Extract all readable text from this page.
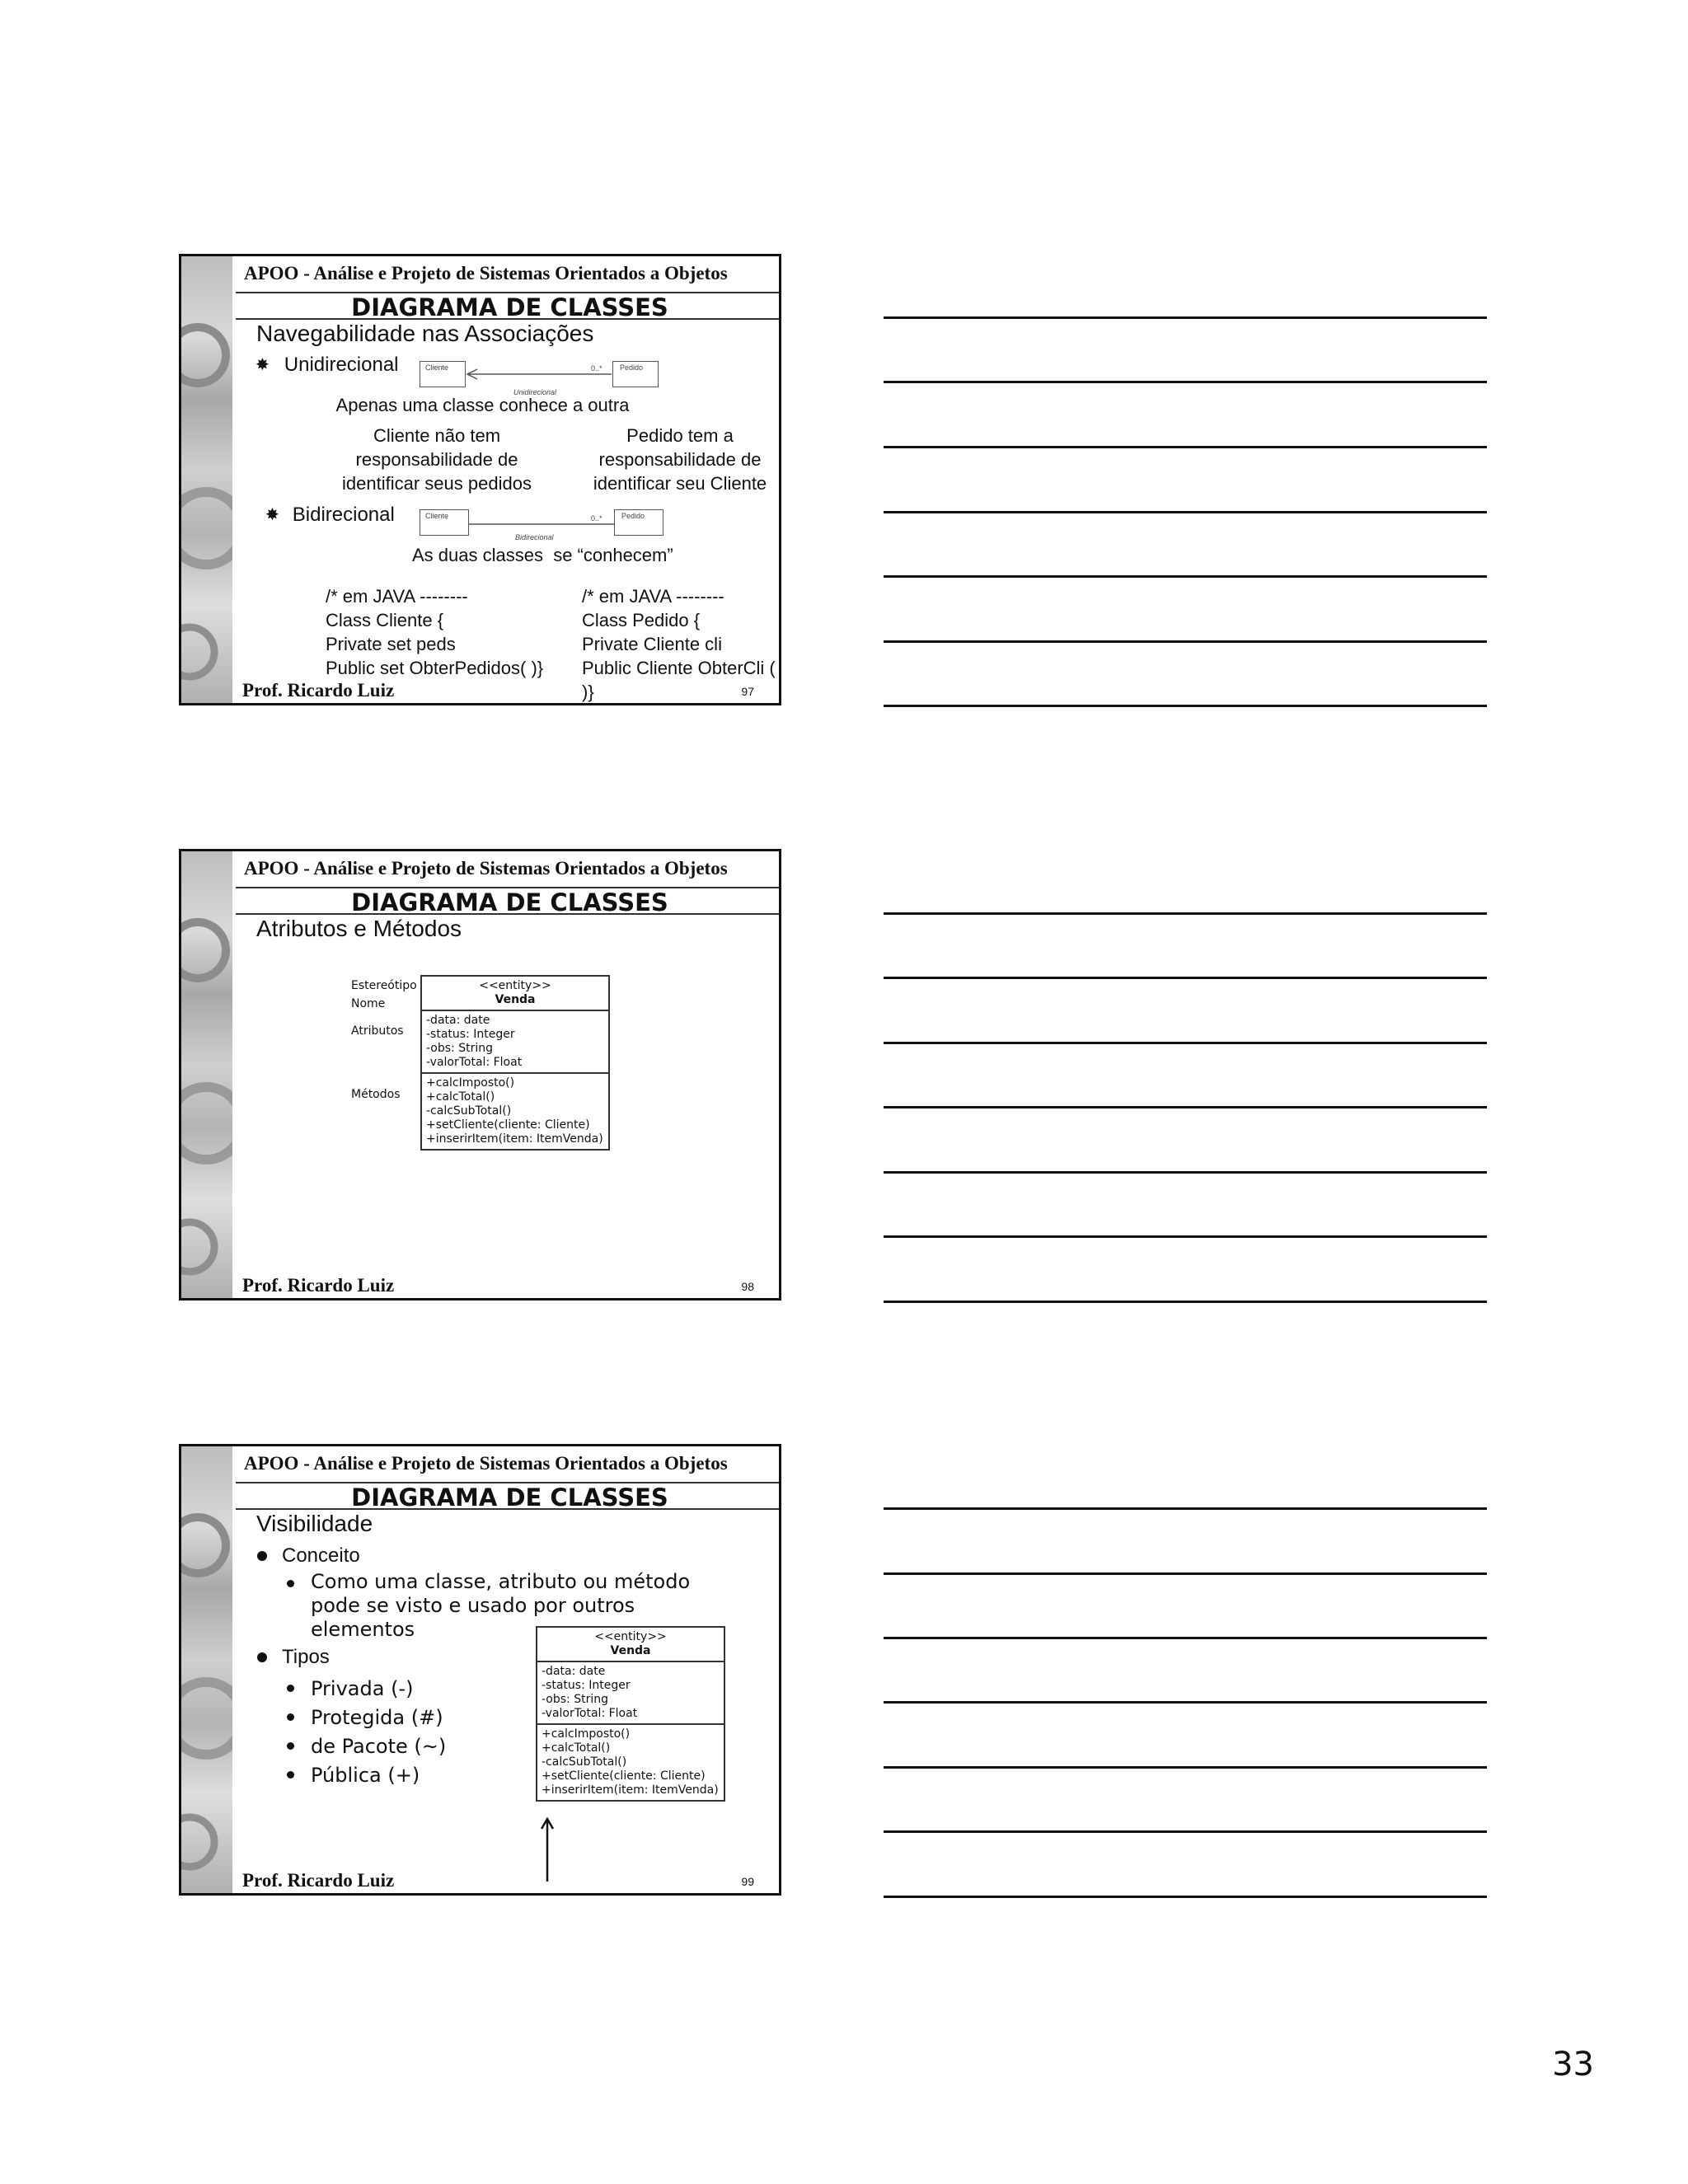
APOO - Análise e Projeto de Sistemas Orientados a Objetos
DIAGRAMA DE CLASSES
Navegabilidade nas Associações
✸ Unidirecional	Cliente	Pedido
0..*
Unidirecional
Apenas uma classe conhece a outra
Cliente não tem
responsabilidade de
identificar seus pedidos
Pedido tem a
responsabilidade de
identificar seu Cliente
✸ Bidirecional	Cliente	Pedido
0..*
Bidirecional
As duas classes  se “conhecem”
/* em JAVA --------
Class Cliente {
Private set peds
Public set ObterPedidos( )}
/* em JAVA --------
Class Pedido {
Private Cliente cli
Public Cliente ObterCli ( )}
Prof. Ricardo Luiz	97
APOO - Análise e Projeto de Sistemas Orientados a Objetos
DIAGRAMA DE CLASSES
Atributos e Métodos
Estereótipo
Nome
Atributos
Métodos
<<entity>>
Venda
-data: date
-status: Integer
-obs: String
-valorTotal: Float
+calcImposto()
+calcTotal()
-calcSubTotal()
+setCliente(cliente: Cliente)
+inserirItem(item: ItemVenda)
Prof. Ricardo Luiz	98
APOO - Análise e Projeto de Sistemas Orientados a Objetos
DIAGRAMA DE CLASSES
Visibilidade
Conceito
Como uma classe, atributo ou método
pode se visto e usado por outros
elementos
Tipos
Privada (-)
Protegida (#)
de Pacote (~)
Pública (+)
<<entity>>
Venda
-data: date
-status: Integer
-obs: String
-valorTotal: Float
+calcImposto()
+calcTotal()
-calcSubTotal()
+setCliente(cliente: Cliente)
+inserirItem(item: ItemVenda)
Prof. Ricardo Luiz	99
33
